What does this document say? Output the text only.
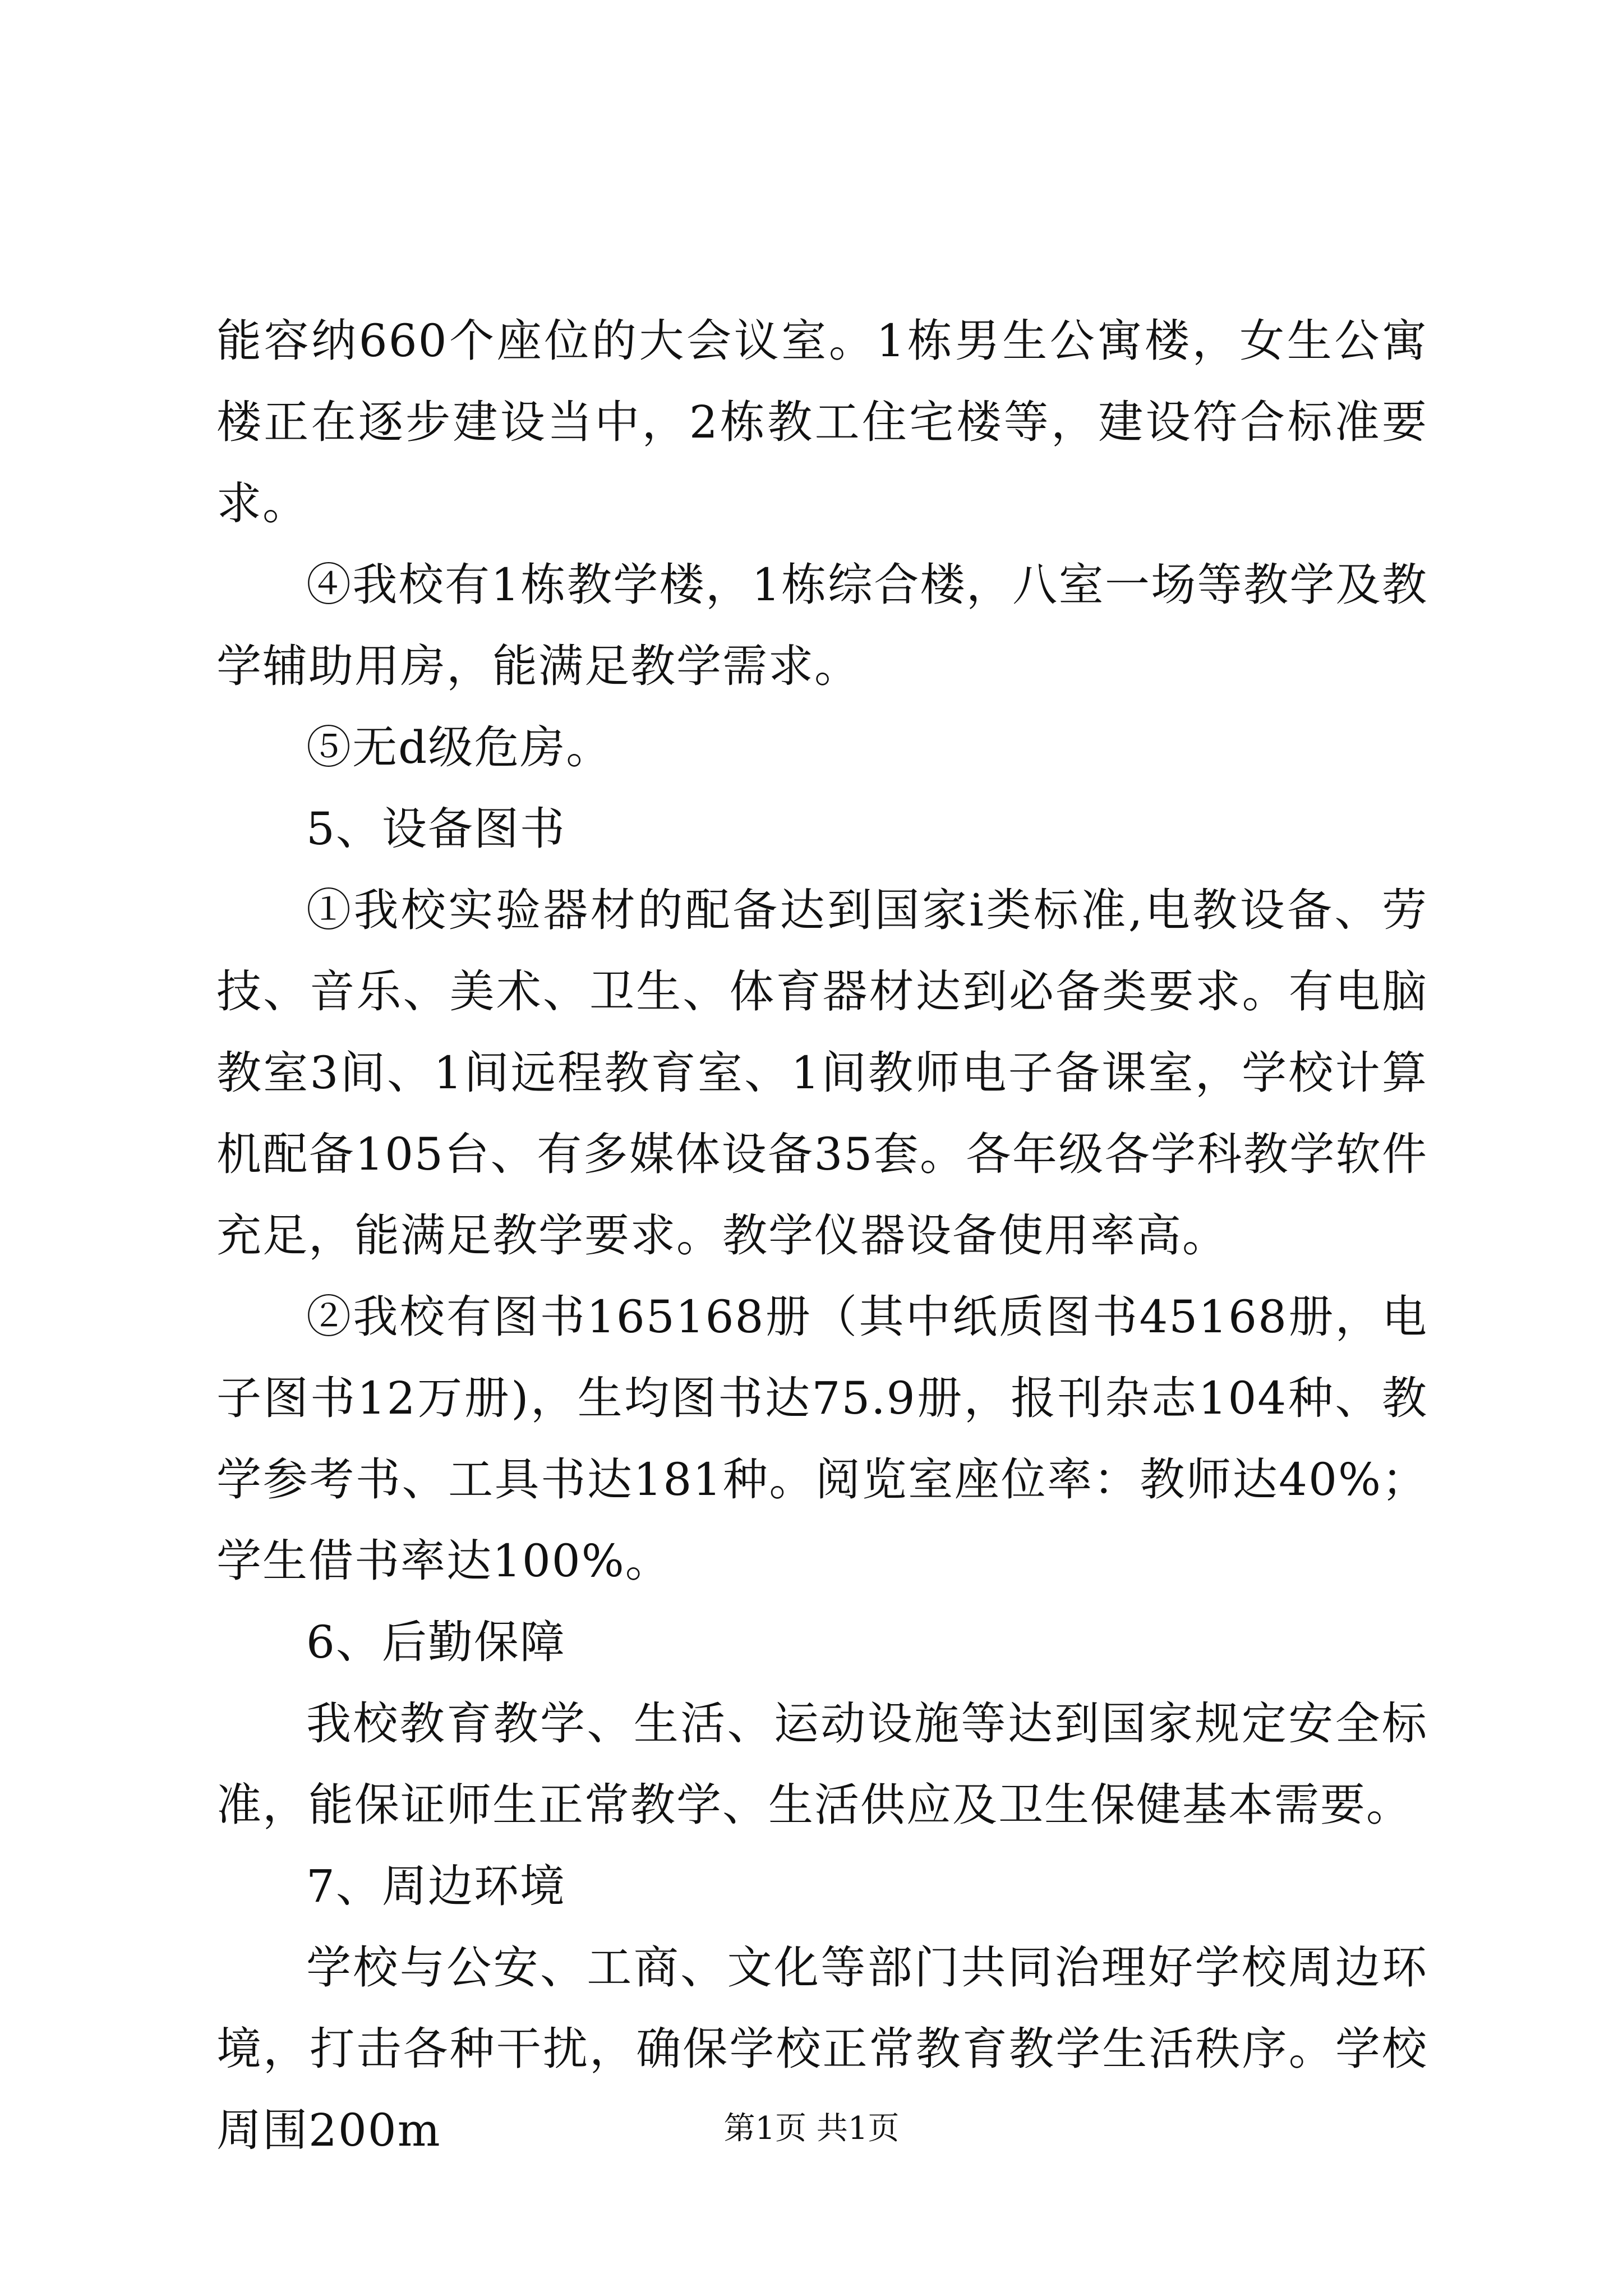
能容纳660个座位的大会议室。1栋男生公寓楼，女生公寓楼正在逐步建设当中，2栋教工住宅楼等，建设符合标准要求。

④我校有1栋教学楼，1栋综合楼，八室一场等教学及教学辅助用房，能满足教学需求。

⑤无d级危房。

5、设备图书

①我校实验器材的配备达到国家i类标准,电教设备、劳技、音乐、美术、卫生、体育器材达到必备类要求。有电脑教室3间、1间远程教育室、1间教师电子备课室，学校计算机配备105台、有多媒体设备35套。各年级各学科教学软件充足，能满足教学要求。教学仪器设备使用率高。

②我校有图书165168册（其中纸质图书45168册，电子图书12万册)，生均图书达75.9册，报刊杂志104种、教学参考书、工具书达181种。阅览室座位率：教师达40%；学生借书率达100%。

6、后勤保障

我校教育教学、生活、运动设施等达到国家规定安全标准，能保证师生正常教学、生活供应及卫生保健基本需要。

7、周边环境

学校与公安、工商、文化等部门共同治理好学校周边环境，打击各种干扰，确保学校正常教育教学生活秩序。学校周围200m	第1页 共1页
